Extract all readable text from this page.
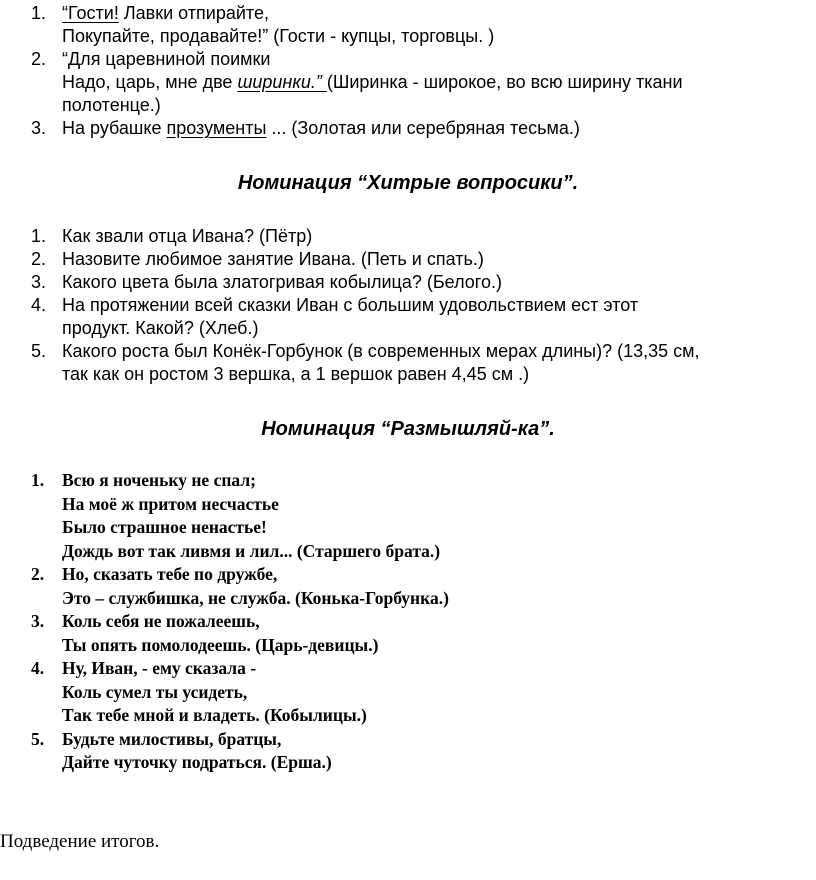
1. “Гости! Лавки отпирайте,
Покупайте, продавайте!” (Гости - купцы, торговцы. )
2. “Для царевниной поимки
Надо, царь, мне две ширинки.” (Ширинка - широкое, во всю ширину ткани
полотенце.)
3. На рубашке прозументы ... (Золотая или серебряная тесьма.)
Номинация “Хитрые вопросики”.
1. Как звали отца Ивана? (Пётр)
2. Назовите любимое занятие Ивана. (Петь и спать.)
3. Какого цвета была златогривая кобылица? (Белого.)
4. На протяжении всей сказки Иван с большим удовольствием ест этот
продукт. Какой? (Хлеб.)
5. Какого роста был Конёк-Горбунок (в современных мерах длины)? (13,35 см,
так как он ростом 3 вершка, а 1 вершок равен 4,45 см .)
Номинация “Размышляй-ка”.
1. Всю я ноченьку не спал;
На моё ж притом несчастье
Было страшное ненастье!
Дождь вот так ливмя и лил... (Старшего брата.)
2. Но, сказать тебе по дружбе,
Это – службишка, не служба. (Конька-Горбунка.)
3. Коль себя не пожалеешь,
Ты опять помолодеешь. (Царь-девицы.)
4. Ну, Иван, - ему сказала -
Коль сумел ты усидеть,
Так тебе мной и владеть. (Кобылицы.)
5. Будьте милостивы, братцы,
Дайте чуточку подраться. (Ерша.)
Подведение итогов.
